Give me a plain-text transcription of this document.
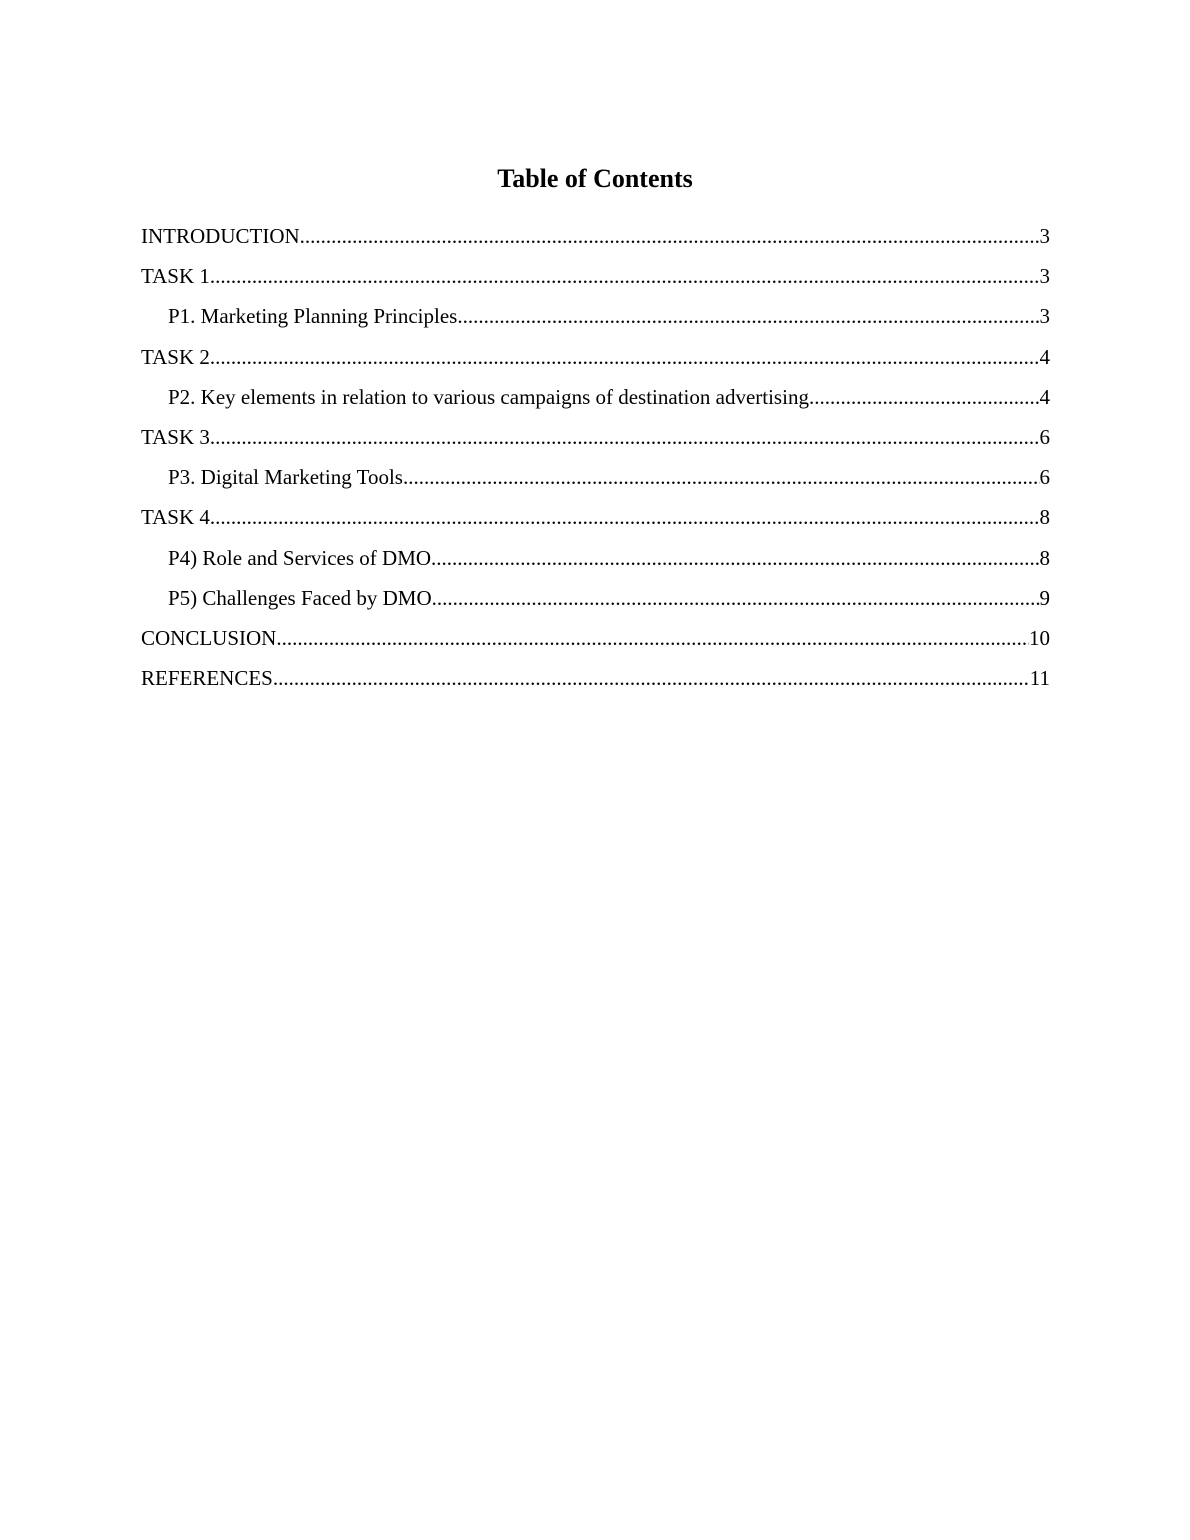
Table of Contents
INTRODUCTION .....	3
TASK 1 .....	3
P1. Marketing Planning Principles .....	3
TASK 2 .....	4
P2. Key elements in relation to various campaigns of destination advertising .....	4
TASK 3 .....	6
P3. Digital Marketing Tools .....	6
TASK 4 .....	8
P4) Role and Services of DMO .....	8
P5) Challenges Faced by DMO .....	9
CONCLUSION .....	10
REFERENCES .....	11
